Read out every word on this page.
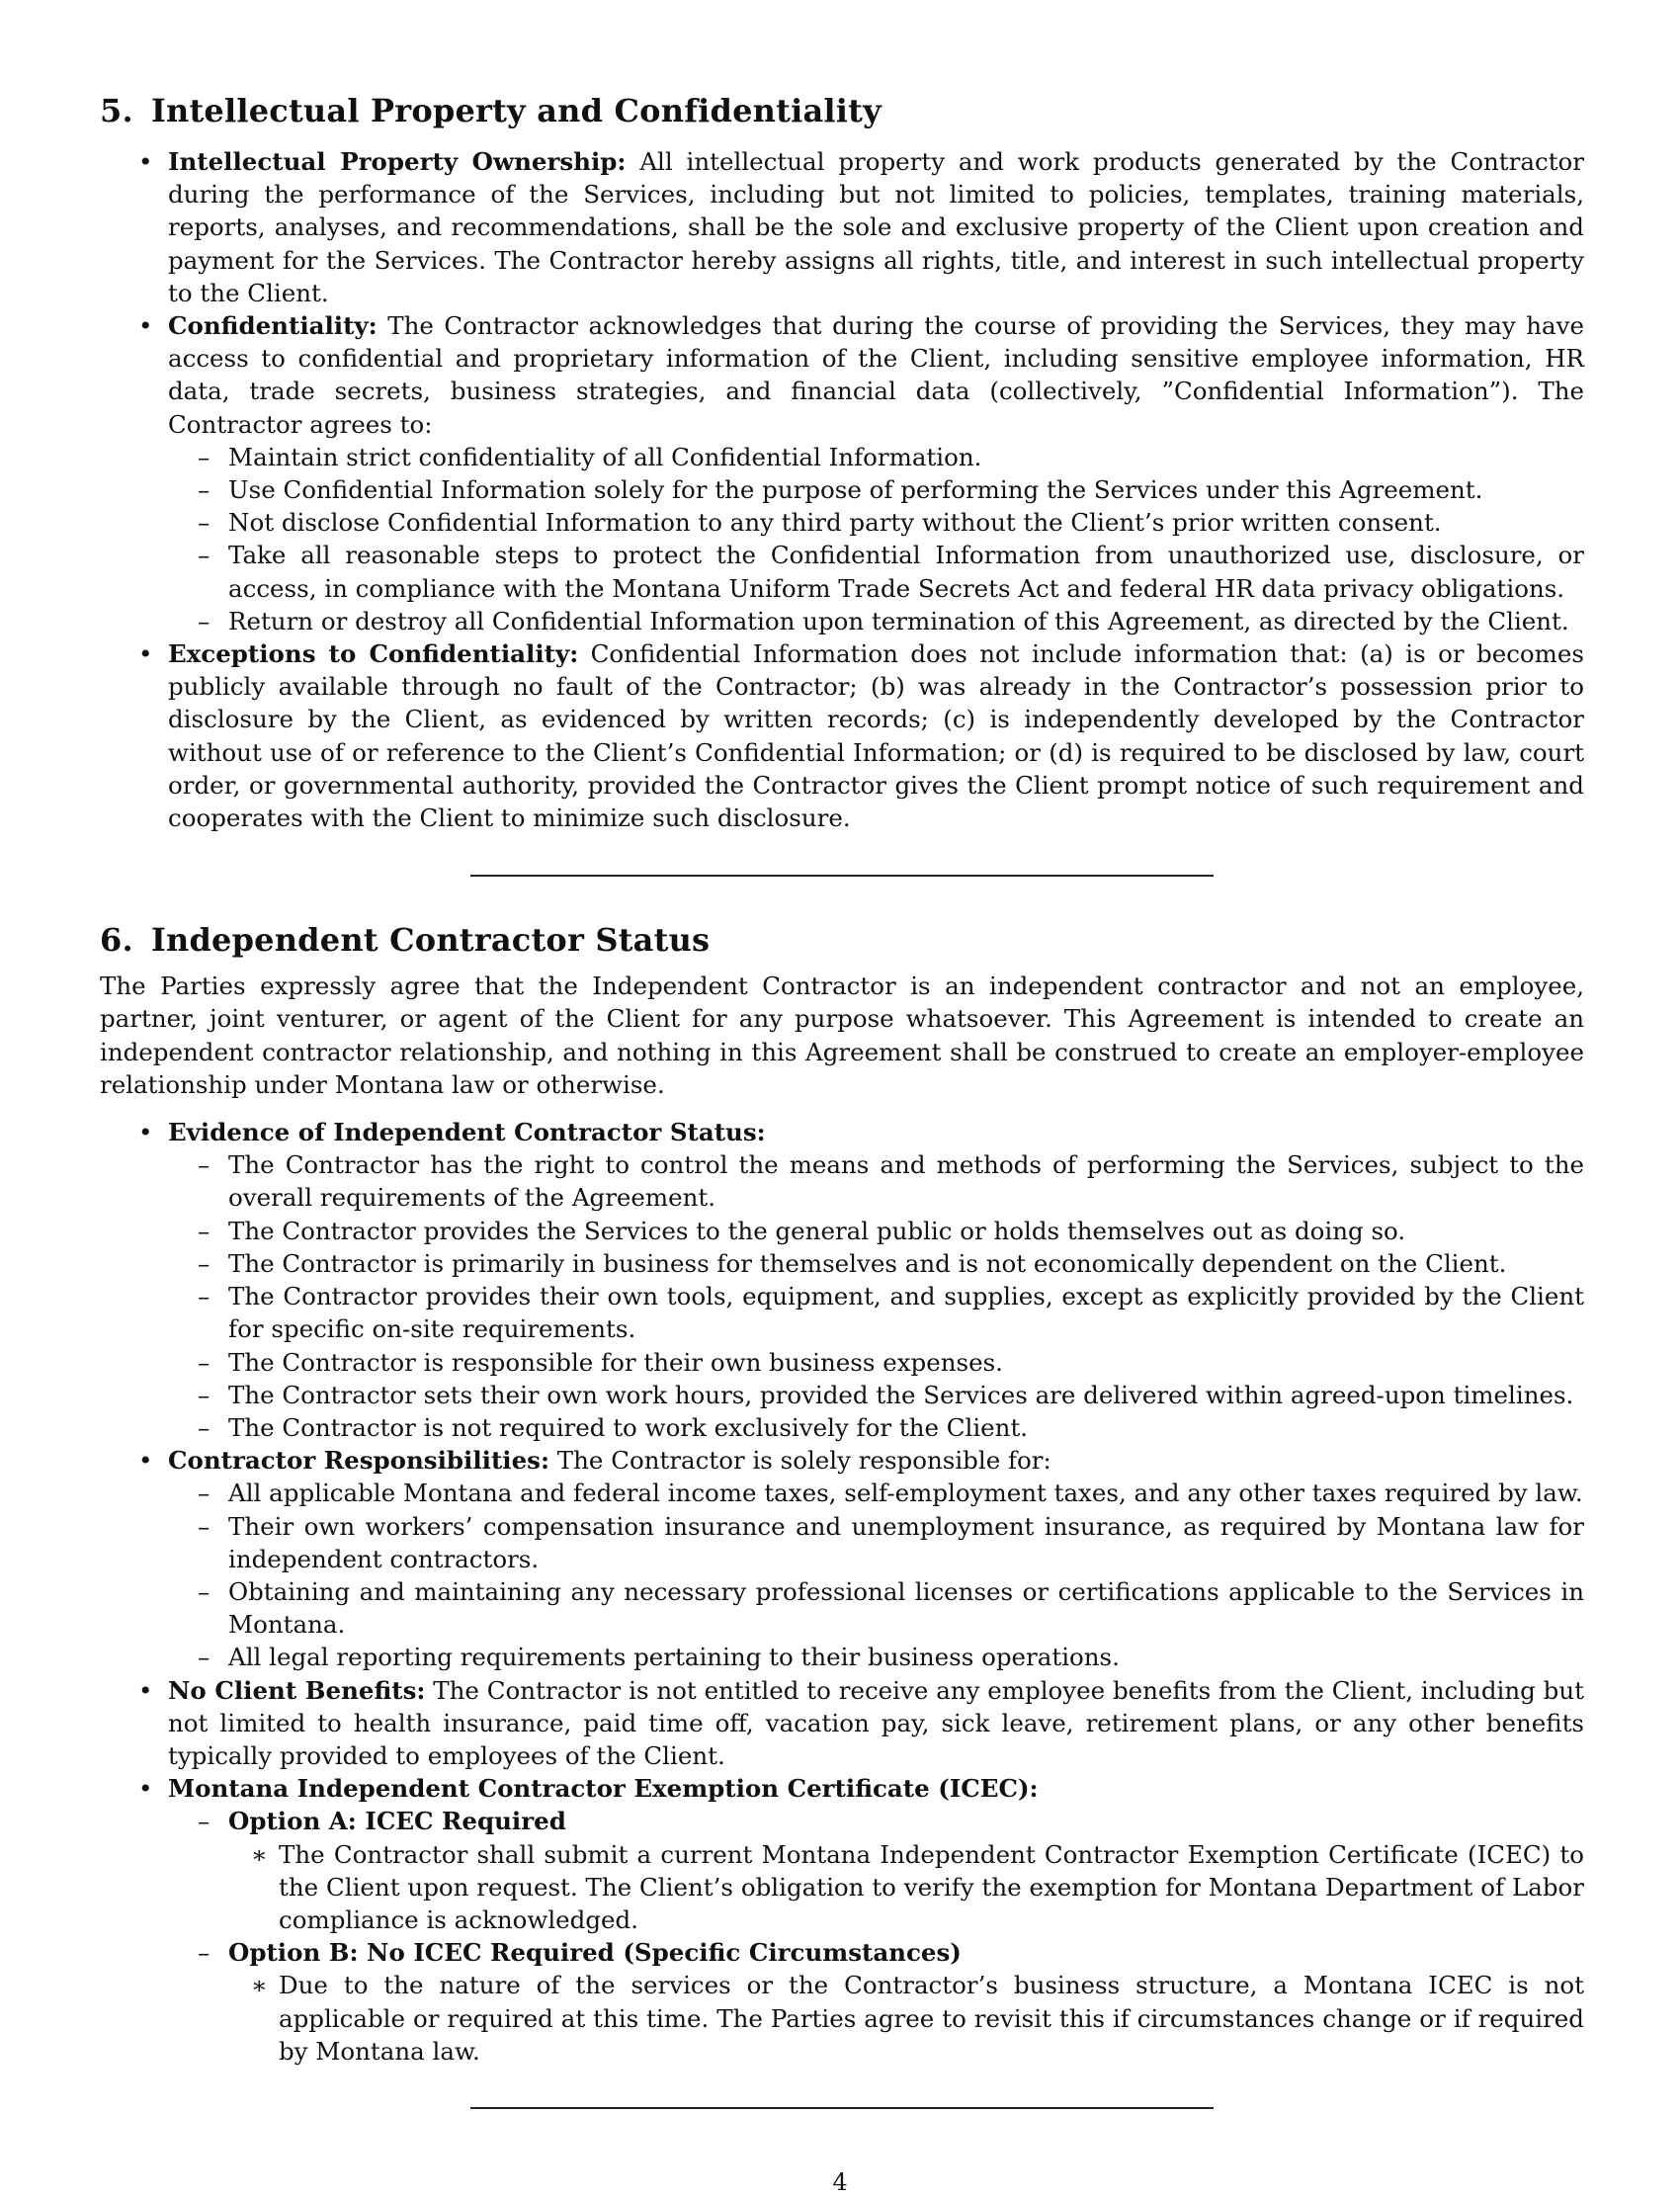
5. Intellectual Property and Confidentiality
• Intellectual Property Ownership: All intellectual property and work products generated by the Contractor during the performance of the Services, including but not limited to policies, templates, training materials, reports, analyses, and recommendations, shall be the sole and exclusive property of the Client upon creation and payment for the Services. The Contractor hereby assigns all rights, title, and interest in such intellectual property to the Client.
• Confidentiality: The Contractor acknowledges that during the course of providing the Services, they may have access to confidential and proprietary information of the Client, including sensitive employee information, HR data, trade secrets, business strategies, and financial data (collectively, ”Confidential Information”). The Contractor agrees to:
– Maintain strict confidentiality of all Confidential Information.
– Use Confidential Information solely for the purpose of performing the Services under this Agreement.
– Not disclose Confidential Information to any third party without the Client’s prior written consent.
– Take all reasonable steps to protect the Confidential Information from unauthorized use, disclosure, or access, in compliance with the Montana Uniform Trade Secrets Act and federal HR data privacy obligations.
– Return or destroy all Confidential Information upon termination of this Agreement, as directed by the Client.
• Exceptions to Confidentiality: Confidential Information does not include information that: (a) is or becomes publicly available through no fault of the Contractor; (b) was already in the Contractor’s possession prior to disclosure by the Client, as evidenced by written records; (c) is independently developed by the Contractor without use of or reference to the Client’s Confidential Information; or (d) is required to be disclosed by law, court order, or governmental authority, provided the Contractor gives the Client prompt notice of such requirement and cooperates with the Client to minimize such disclosure.
6. Independent Contractor Status

The Parties expressly agree that the Independent Contractor is an independent contractor and not an employee, partner, joint venturer, or agent of the Client for any purpose whatsoever. This Agreement is intended to create an independent contractor relationship, and nothing in this Agreement shall be construed to create an employer-employee relationship under Montana law or otherwise.

• Evidence of Independent Contractor Status:
– The Contractor has the right to control the means and methods of performing the Services, subject to the overall requirements of the Agreement.
– The Contractor provides the Services to the general public or holds themselves out as doing so.
– The Contractor is primarily in business for themselves and is not economically dependent on the Client.
– The Contractor provides their own tools, equipment, and supplies, except as explicitly provided by the Client for specific on-site requirements.
– The Contractor is responsible for their own business expenses.
– The Contractor sets their own work hours, provided the Services are delivered within agreed-upon timelines.
– The Contractor is not required to work exclusively for the Client.
• Contractor Responsibilities: The Contractor is solely responsible for:
– All applicable Montana and federal income taxes, self-employment taxes, and any other taxes required by law.
– Their own workers’ compensation insurance and unemployment insurance, as required by Montana law for independent contractors.
– Obtaining and maintaining any necessary professional licenses or certifications applicable to the Services in Montana.
– All legal reporting requirements pertaining to their business operations.
• No Client Benefits: The Contractor is not entitled to receive any employee benefits from the Client, including but not limited to health insurance, paid time off, vacation pay, sick leave, retirement plans, or any other benefits typically provided to employees of the Client.
• Montana Independent Contractor Exemption Certificate (ICEC):
– Option A: ICEC Required
∗ The Contractor shall submit a current Montana Independent Contractor Exemption Certificate (ICEC) to the Client upon request. The Client’s obligation to verify the exemption for Montana Department of Labor compliance is acknowledged.
– Option B: No ICEC Required (Specific Circumstances)
∗ Due to the nature of the services or the Contractor’s business structure, a Montana ICEC is not applicable or required at this time. The Parties agree to revisit this if circumstances change or if required by Montana law.
4
